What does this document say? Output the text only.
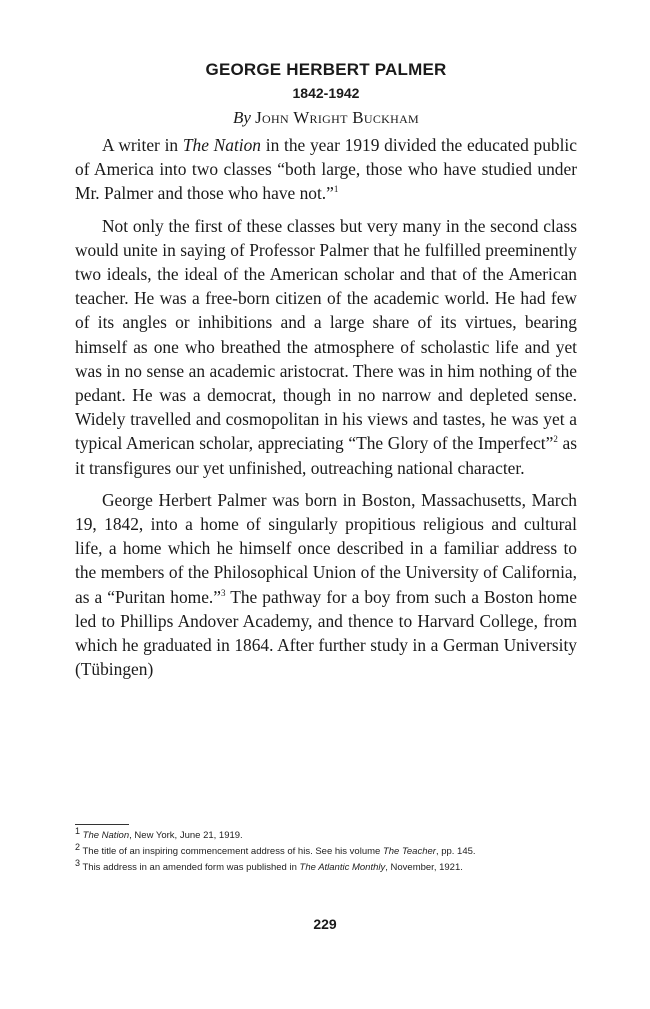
GEORGE HERBERT PALMER
1842-1942
By John Wright Buckham

A writer in The Nation in the year 1919 divided the educated public of America into two classes “both large, those who have studied under Mr. Palmer and those who have not.”$^1$

Not only the first of these classes but very many in the second class would unite in saying of Professor Palmer that he fulfilled preeminently two ideals, the ideal of the American scholar and that of the American teacher. He was a free-born citizen of the academic world. He had few of its angles or inhibitions and a large share of its virtues, bearing himself as one who breathed the atmosphere of scholastic life and yet was in no sense an academic aristocrat. There was in him nothing of the pedant. He was a democrat, though in no narrow and depleted sense. Widely travelled and cosmopolitan in his views and tastes, he was yet a typical American scholar, appreciating “The Glory of the Imperfect”$^2$ as it transfigures our yet unfinished, outreaching national character.

George Herbert Palmer was born in Boston, Massachusetts, March 19, 1842, into a home of singularly propitious religious and cultural life, a home which he himself once described in a familiar address to the members of the Philosophical Union of the University of California, as a “Puritan home.”$^3$ The pathway for a boy from such a Boston home led to Phillips Andover Academy, and thence to Harvard College, from which he graduated in 1864. After further study in a German University (Tübingen)

$^1$ The Nation, New York, June 21, 1919.
$^2$ The title of an inspiring commencement address of his. See his volume The Teacher, pp. 145.
$^3$ This address in an amended form was published in The Atlantic Monthly, November, 1921.
229
